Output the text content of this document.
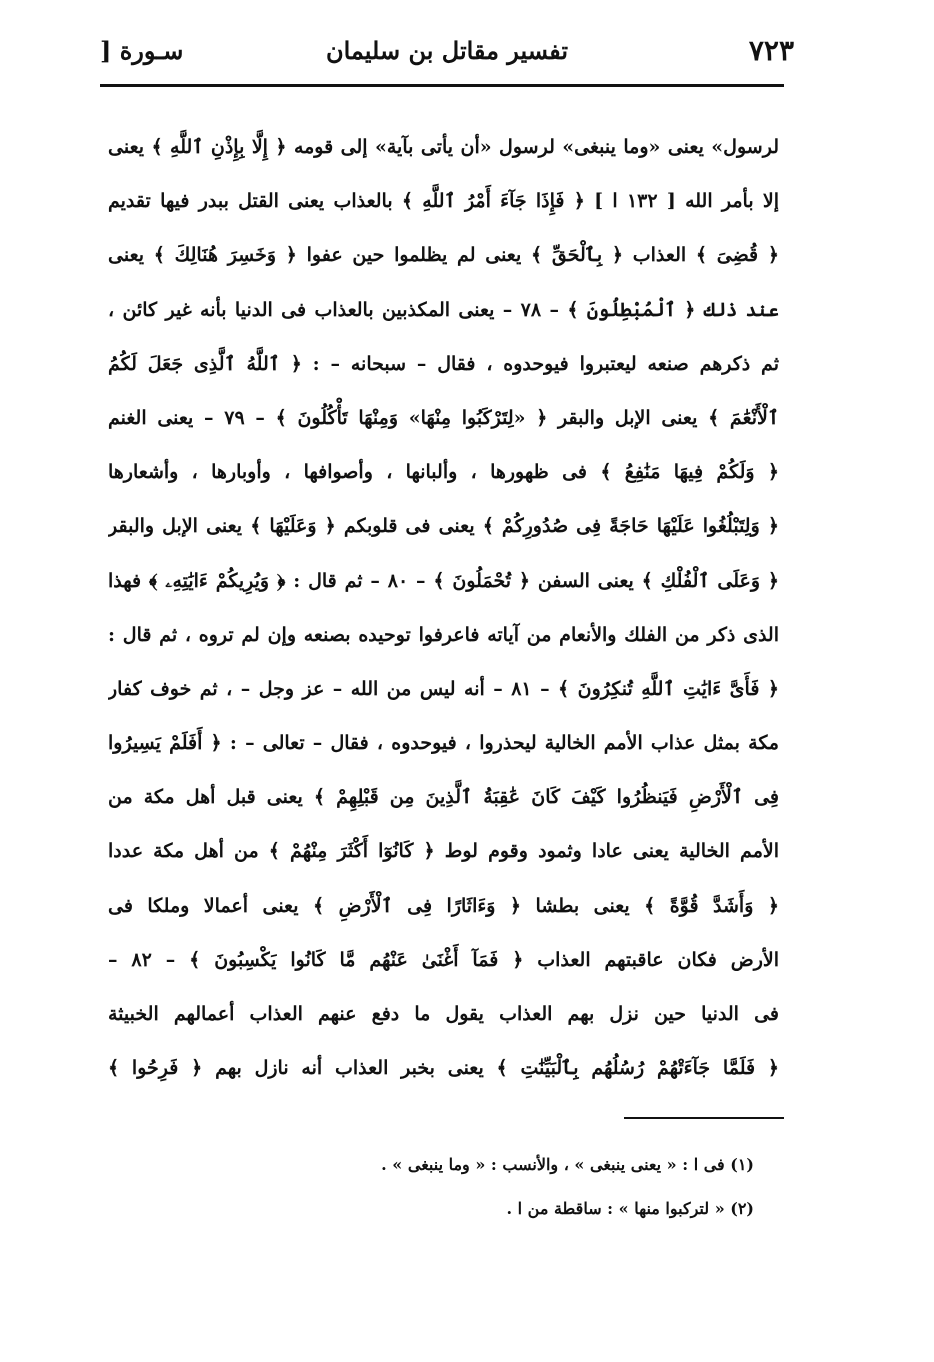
٧٢٣
تفسير مقاتل بن سليمان
سـورة [
لرسول» يعنى «وما ينبغى» لرسول «أن يأتى بآية» إلى قومه ﴿ إِلَّا بِإِذْنِ ٱللَّهِ ﴾ يعنى
إلا بأمر الله [ ١٣٢ ا ] ﴿ فَإِذَا جَآءَ أَمْرُ ٱللَّهِ ﴾ بالعذاب يعنى القتل ببدر فيها تقديم
﴿ قُضِىَ ﴾ العذاب ﴿ بِٱلْحَقِّ ﴾ يعنى لم يظلموا حين عفوا ﴿ وَخَسِرَ هُنَالِكَ ﴾ يعنى
عند ذلك ﴿ ٱلْمُبْطِلُونَ ﴾ – ٧٨ – يعنى المكذبين بالعذاب فى الدنيا بأنه غير كائن ،
ثم ذكرهم صنعه ليعتبروا فيوحدوه ، فقال – سبحانه – : ﴿ ٱللَّهُ ٱلَّذِى جَعَلَ لَكُمُ
ٱلْأَنْعَٰمَ ﴾ يعنى الإبل والبقر ﴿ «لِتَرْكَبُوا مِنْهَا» وَمِنْهَا تَأْكُلُونَ ﴾ – ٧٩ – يعنى الغنم
﴿ وَلَكُمْ فِيهَا مَنَٰفِعُ ﴾ فى ظهورها ، وألبانها ، وأصوافها ، وأوبارها ، وأشعارها
﴿ وَلِتَبْلُغُوا عَلَيْهَا حَاجَةً فِى صُدُورِكُمْ ﴾ يعنى فى قلوبكم ﴿ وَعَلَيْهَا ﴾ يعنى الإبل والبقر
﴿ وَعَلَى ٱلْفُلْكِ ﴾ يعنى السفن ﴿ تُحْمَلُونَ ﴾ – ٨٠ – ثم قال : ﴿ وَيُرِيكُمْ ءَايَٰتِهِۦ ﴾ فهذا
الذى ذكر من الفلك والأنعام من آياته فاعرفوا توحيده بصنعه وإن لم تروه ، ثم قال :
﴿ فَأَىَّ ءَايَٰتِ ٱللَّهِ تُنكِرُونَ ﴾ – ٨١ – أنه ليس من الله – عز وجل – ، ثم خوف كفار
مكة بمثل عذاب الأمم الخالية ليحذروا ، فيوحدوه ، فقال – تعالى – : ﴿ أَفَلَمْ يَسِيرُوا
فِى ٱلْأَرْضِ فَيَنظُرُوا كَيْفَ كَانَ عَٰقِبَةُ ٱلَّذِينَ مِن قَبْلِهِمْ ﴾ يعنى قبل أهل مكة من
الأمم الخالية يعنى عادا وثمود وقوم لوط ﴿ كَانُوٓا أَكْثَرَ مِنْهُمْ ﴾ من أهل مكة عددا
﴿ وَأَشَدَّ قُوَّةً ﴾ يعنى بطشا ﴿ وَءَاثَارًا فِى ٱلْأَرْضِ ﴾ يعنى أعمالا وملكا فى
الأرض فكان عاقبتهم العذاب ﴿ فَمَآ أَغْنَىٰ عَنْهُم مَّا كَانُوا يَكْسِبُونَ ﴾ – ٨٢ –
فى الدنيا حين نزل بهم العذاب يقول ما دفع عنهم العذاب أعمالهم الخبيثة
﴿ فَلَمَّا جَآءَتْهُمْ رُسُلُهُم بِٱلْبَيِّنَٰتِ ﴾ يعنى بخبر العذاب أنه نازل بهم ﴿ فَرِحُوا ﴾
(١) فى ا : « يعنى ينبغى » ، والأنسب : « وما ينبغى » .
(٢) « لتركبوا منها » : ساقطة من ا .
